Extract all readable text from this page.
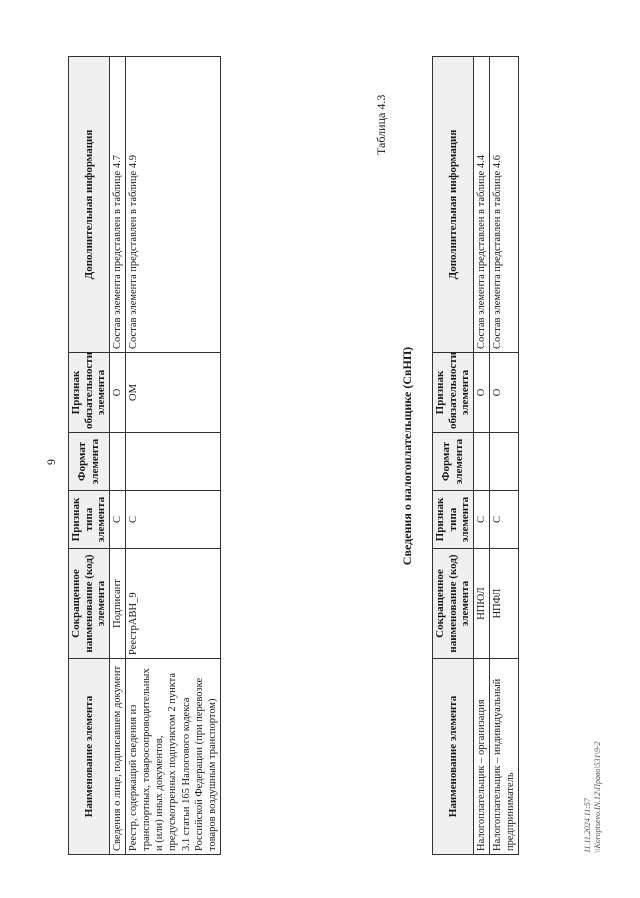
9
Наименование элемента	Сокращенное наименование (код) элемента	Признак типа элемента	Формат элемента	Признак обязательности элемента	Дополнительная информация
Сведения о лице, подписавшем документ	Подписант	С		О	Состав элемента представлен в таблице 4.7
Реестр, содержащий сведения из транспортных, товаросопроводительных и (или) иных документов, предусмотренных подпунктом 2 пункта 3.1 статьи 165 Налогового кодекса Российской Федерации (при перевозке товаров воздушным транспортом)	РеестрАВН_9	С		ОМ	Состав элемента представлен в таблице 4.9
Таблица 4.3
Сведения о налогоплательщике (СвНП)
Наименование элемента	Сокращенное наименование (код) элемента	Признак типа элемента	Формат элемента	Признак обязательности элемента	Дополнительная информация
Налогоплательщик – организация	НПЮЛ	С		О	Состав элемента представлен в таблице 4.4
Налогоплательщик – индивидуальный предприниматель	НПФЛ	С		О	Состав элемента представлен в таблице 4.6
11.11.2024 11:57 \\Koroptsevo.IN.12\Право\531\9-2
